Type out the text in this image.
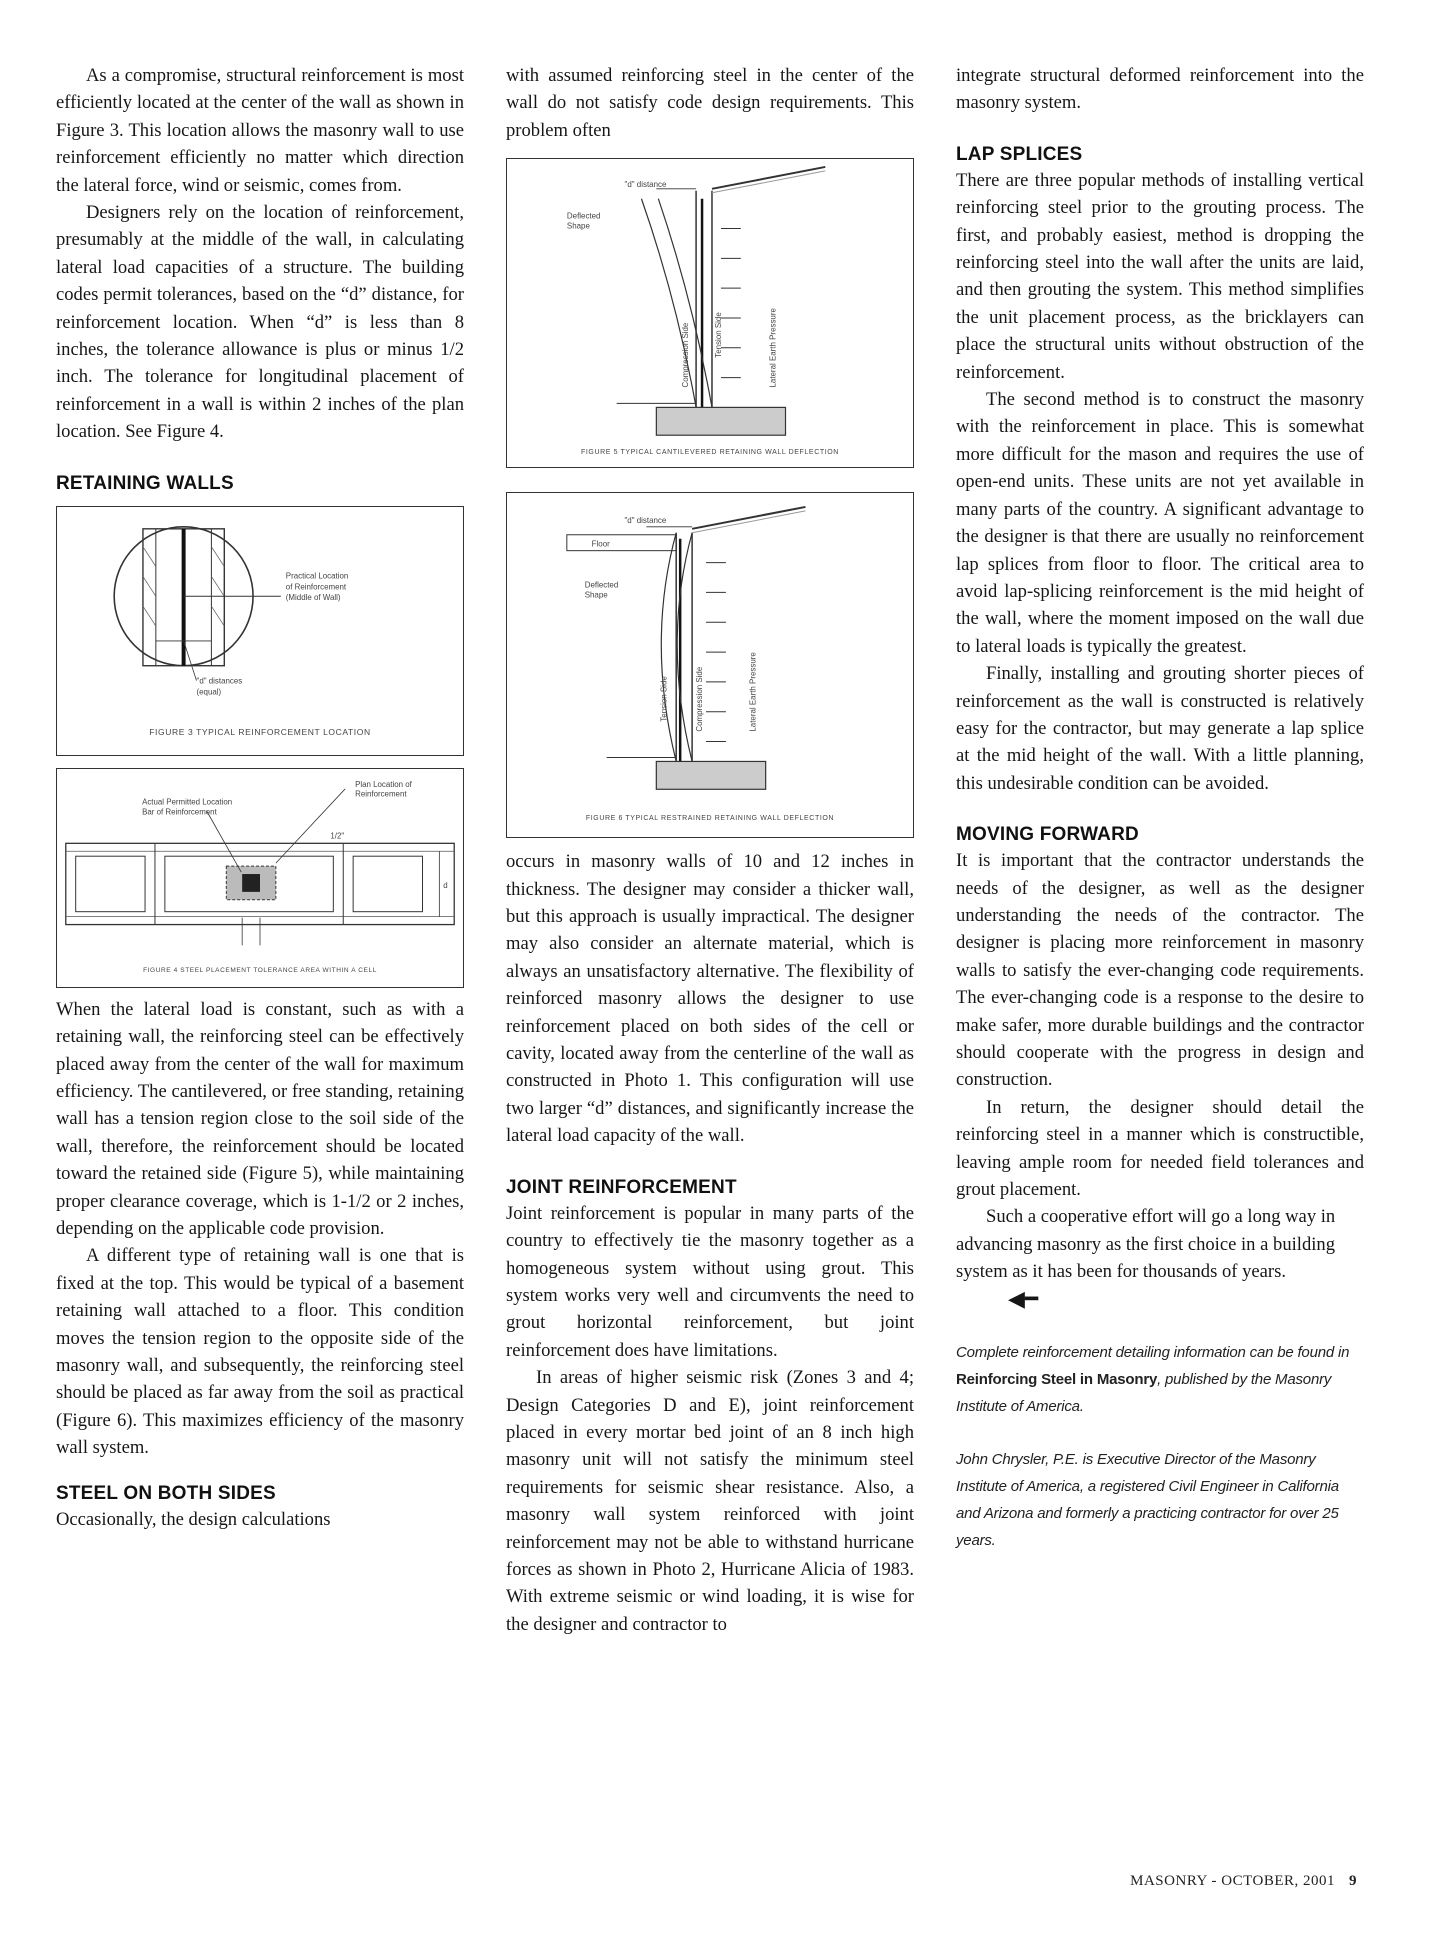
As a compromise, structural reinforcement is most efficiently located at the center of the wall as shown in Figure 3. This location allows the masonry wall to use reinforcement efficiently no matter which direction the lateral force, wind or seismic, comes from.

Designers rely on the location of reinforcement, presumably at the middle of the wall, in calculating lateral load capacities of a structure. The building codes permit tolerances, based on the “d” distance, for reinforcement location. When “d” is less than 8 inches, the tolerance allowance is plus or minus 1/2 inch. The tolerance for longitudinal placement of reinforcement in a wall is within 2 inches of the plan location. See Figure 4.

RETAINING WALLS
Practical Location
of Reinforcement
(Middle of Wall)
"d" distances
(equal)
FIGURE 3 TYPICAL REINFORCEMENT LOCATION
Plan Location of
Reinforcement
Actual Permitted Location
Bar of Reinforcement
1/2"
d
FIGURE 4 STEEL PLACEMENT TOLERANCE AREA WITHIN A CELL

When the lateral load is constant, such as with a retaining wall, the reinforcing steel can be effectively placed away from the center of the wall for maximum efficiency. The cantilevered, or free standing, retaining wall has a tension region close to the soil side of the wall, therefore, the reinforcement should be located toward the retained side (Figure 5), while maintaining proper clearance coverage, which is 1-1/2 or 2 inches, depending on the applicable code provision.

A different type of retaining wall is one that is fixed at the top. This would be typical of a basement retaining wall attached to a floor. This condition moves the tension region to the opposite side of the masonry wall, and subsequently, the reinforcing steel should be placed as far away from the soil as practical (Figure 6). This maximizes efficiency of the masonry wall system.

STEEL ON BOTH SIDES

Occasionally, the design calculations

with assumed reinforcing steel in the center of the wall do not satisfy code design requirements. This problem often

"d" distance
Deflected
Shape
Compression Side	Tension Side	Lateral Earth Pressure
FIGURE 5 TYPICAL CANTILEVERED RETAINING WALL DEFLECTION
"d" distance
Floor
Deflected
Shape
Tension Side	Compression Side	Lateral Earth Pressure
FIGURE 6 TYPICAL RESTRAINED RETAINING WALL DEFLECTION

occurs in masonry walls of 10 and 12 inches in thickness. The designer may consider a thicker wall, but this approach is usually impractical. The designer may also consider an alternate material, which is always an unsatisfactory alternative. The flexibility of reinforced masonry allows the designer to use reinforcement placed on both sides of the cell or cavity, located away from the centerline of the wall as constructed in Photo 1. This configuration will use two larger “d” distances, and significantly increase the lateral load capacity of the wall.

JOINT REINFORCEMENT

Joint reinforcement is popular in many parts of the country to effectively tie the masonry together as a homogeneous system without using grout. This system works very well and circumvents the need to grout horizontal reinforcement, but joint reinforcement does have limitations.

In areas of higher seismic risk (Zones 3 and 4; Design Categories D and E), joint reinforcement placed in every mortar bed joint of an 8 inch high masonry unit will not satisfy the minimum steel requirements for seismic shear resistance. Also, a masonry wall system reinforced with joint reinforcement may not be able to withstand hurricane forces as shown in Photo 2, Hurricane Alicia of 1983. With extreme seismic or wind loading, it is wise for the designer and contractor to

integrate structural deformed reinforcement into the masonry system.

LAP SPLICES

There are three popular methods of installing vertical reinforcing steel prior to the grouting process. The first, and probably easiest, method is dropping the reinforcing steel into the wall after the units are laid, and then grouting the system. This method simplifies the unit placement process, as the bricklayers can place the structural units without obstruction of the reinforcement.

The second method is to construct the masonry with the reinforcement in place. This is somewhat more difficult for the mason and requires the use of open-end units. These units are not yet available in many parts of the country. A significant advantage to the designer is that there are usually no reinforcement lap splices from floor to floor. The critical area to avoid lap-splicing reinforcement is the mid height of the wall, where the moment imposed on the wall due to lateral loads is typically the greatest.

Finally, installing and grouting shorter pieces of reinforcement as the wall is constructed is relatively easy for the contractor, but may generate a lap splice at the mid height of the wall. With a little planning, this undesirable condition can be avoided.

MOVING FORWARD

It is important that the contractor understands the needs of the designer, as well as the designer understanding the needs of the contractor. The designer is placing more reinforcement in masonry walls to satisfy the ever-changing code requirements. The ever-changing code is a response to the desire to make safer, more durable buildings and the contractor should cooperate with the progress in design and construction.

In return, the designer should detail the reinforcing steel in a manner which is constructible, leaving ample room for needed field tolerances and grout placement.

Such a cooperative effort will go a long way in advancing masonry as the first choice in a building system as it has been for thousands of years.◀━

Complete reinforcement detailing information can be found in Reinforcing Steel in Masonry, published by the Masonry Institute of America.

John Chrysler, P.E. is Executive Director of the Masonry Institute of America, a registered Civil Engineer in California and Arizona and formerly a practicing contractor for over 25 years.

MASONRY - OCTOBER, 2001 9
